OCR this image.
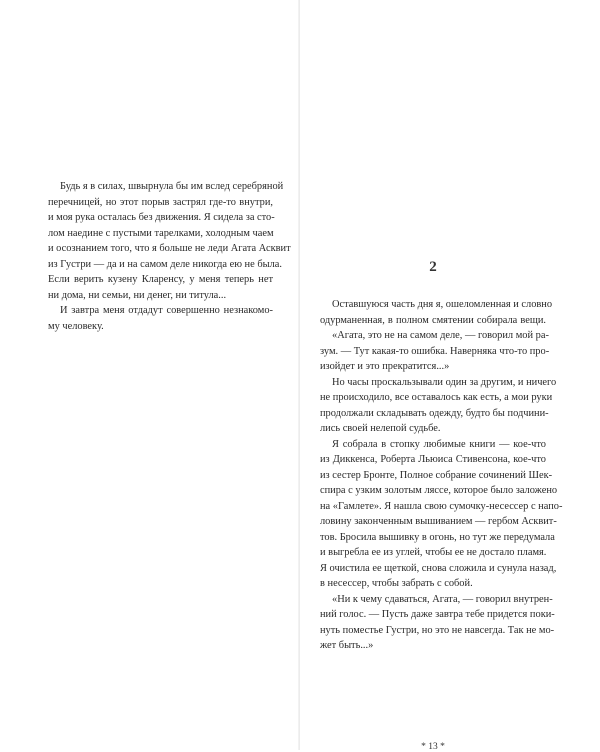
Будь я в силах, швырнула бы им вслед серебряной
перечницей, но этот порыв застрял где-то внутри,
и моя рука осталась без движения. Я сидела за сто-
лом наедине с пустыми тарелками, холодным чаем
и осознанием того, что я больше не леди Агата Асквит
из Густри — да и на самом деле никогда ею не была.
Если верить кузену Кларенсу, у меня теперь нет
ни дома, ни семьи, ни денег, ни титула...
И завтра меня отдадут совершенно незнакомо-
му человеку.
2
Оставшуюся часть дня я, ошеломленная и словно
одурманенная, в полном смятении собирала вещи.
«Агата, это не на самом деле, — говорил мой ра-
зум. — Тут какая-то ошибка. Наверняка что-то про-
изойдет и это прекратится...»
Но часы проскальзывали один за другим, и ничего
не происходило, все оставалось как есть, а мои руки
продолжали складывать одежду, будто бы подчини-
лись своей нелепой судьбе.
Я собрала в стопку любимые книги — кое-что
из Диккенса, Роберта Льюиса Стивенсона, кое-что
из сестер Бронте, Полное собрание сочинений Шек-
спира с узким золотым ляссе, которое было заложено
на «Гамлете». Я нашла свою сумочку-несессер с напо-
ловину законченным вышиванием — гербом Асквит-
тов. Бросила вышивку в огонь, но тут же передумала
и выгребла ее из углей, чтобы ее не достало пламя.
Я очистила ее щеткой, снова сложила и сунула назад,
в несессер, чтобы забрать с собой.
«Ни к чему сдаваться, Агата, — говорил внутрен-
ний голос. — Пусть даже завтра тебе придется поки-
нуть поместье Густри, но это не навсегда. Так не мо-
жет быть...»
* 13 *
